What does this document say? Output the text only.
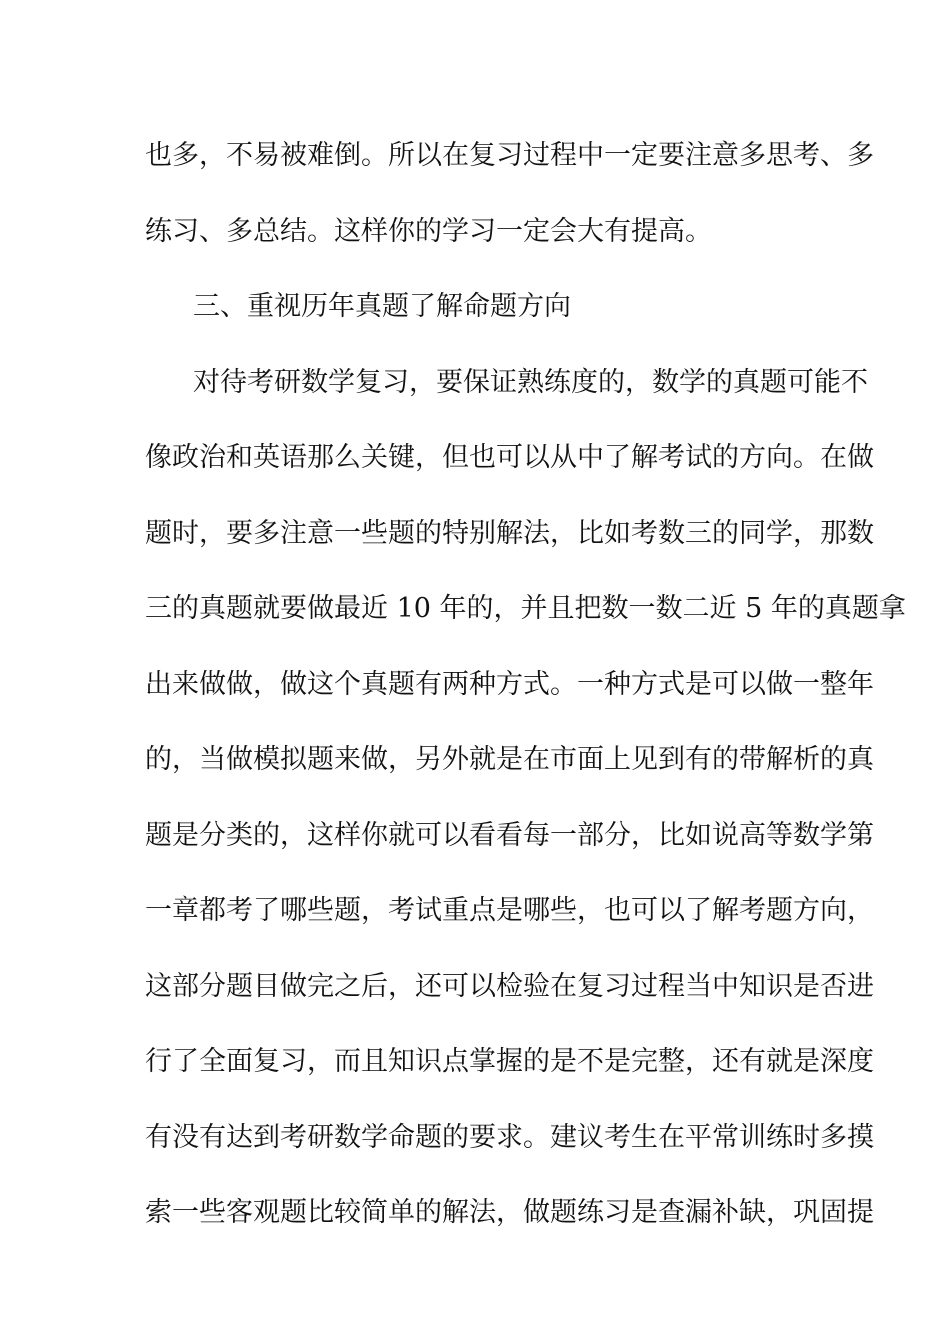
也多，不易被难倒。所以在复习过程中一定要注意多思考、多
练习、多总结。这样你的学习一定会大有提高。
三、重视历年真题了解命题方向
对待考研数学复习，要保证熟练度的，数学的真题可能不
像政治和英语那么关键，但也可以从中了解考试的方向。在做
题时，要多注意一些题的特别解法，比如考数三的同学，那数
三的真题就要做最近 10 年的，并且把数一数二近 5 年的真题拿
出来做做，做这个真题有两种方式。一种方式是可以做一整年
的，当做模拟题来做，另外就是在市面上见到有的带解析的真
题是分类的，这样你就可以看看每一部分，比如说高等数学第
一章都考了哪些题，考试重点是哪些，也可以了解考题方向，
这部分题目做完之后，还可以检验在复习过程当中知识是否进
行了全面复习，而且知识点掌握的是不是完整，还有就是深度
有没有达到考研数学命题的要求。建议考生在平常训练时多摸
索一些客观题比较简单的解法，做题练习是查漏补缺，巩固提
